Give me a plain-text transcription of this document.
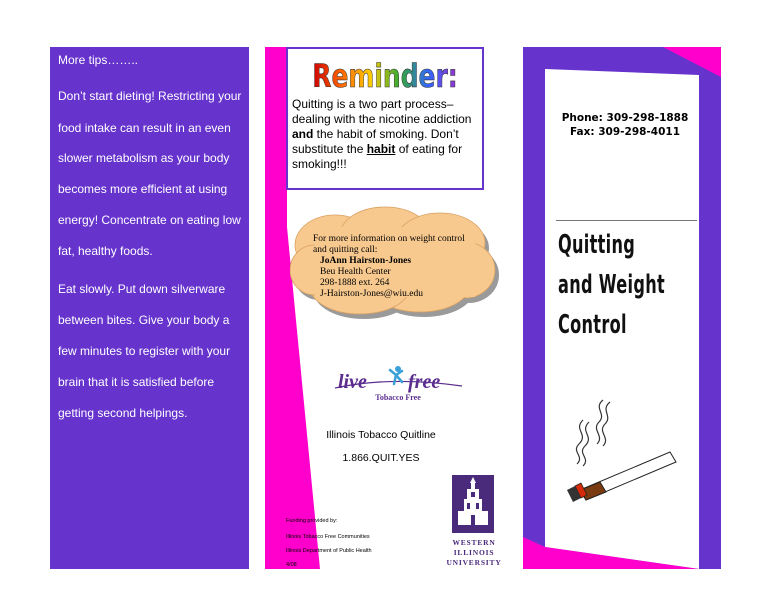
More tips……..
Don’t start dieting! Restricting your
food intake can result in an even
slower metabolism as your body
becomes more efficient at using
energy! Concentrate on eating low
fat, healthy foods.
Eat slowly. Put down silverware
between bites. Give your body a
few minutes to register with your
brain that it is satisfied before
getting second helpings.
Reminder:
Quitting is a two part process– dealing with the nicotine addiction and the habit of smoking. Don’t substitute the habit of eating for smoking!!!
For more information on weight control
and quitting call:
JoAnn Hairston-Jones
Beu Health Center
298-1888 ext. 264
J-Hairston-Jones@wiu.edu
live free
Tobacco Free
Illinois Tobacco Quitline
1.866.QUIT.YES
Funding provided by:
Illinois Tobacco Free Communities
Illinois Department of Public Health
4/08
WESTERN
ILLINOIS
UNIVERSITY
Phone: 309-298-1888
Fax: 309-298-4011
Quitting
and Weight
Control
